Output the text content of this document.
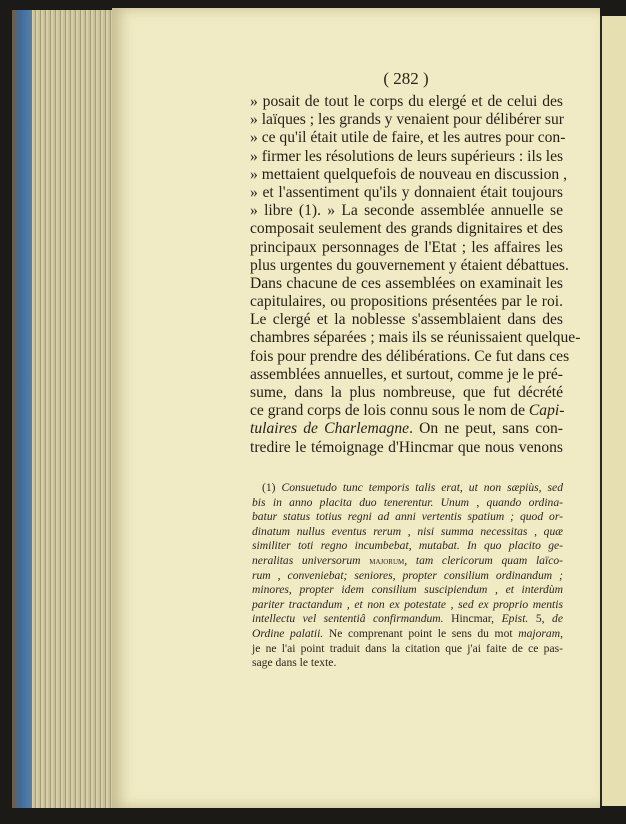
( 282 )
» posait de tout le corps du elergé et de celui des
» laïques ; les grands y venaient pour délibérer sur
» ce qu'il était utile de faire, et les autres pour con-
» firmer les résolutions de leurs supérieurs : ils les
» mettaient quelquefois de nouveau en discussion ,
» et l'assentiment qu'ils y donnaient était toujours
» libre (1). » La seconde assemblée annuelle se
composait seulement des grands dignitaires et des
principaux personnages de l'Etat ; les affaires les
plus urgentes du gouvernement y étaient débattues.
Dans chacune de ces assemblées on examinait les
capitulaires, ou propositions présentées par le roi.
Le clergé et la noblesse s'assemblaient dans des
chambres séparées ; mais ils se réunissaient quelque-
fois pour prendre des délibérations. Ce fut dans ces
assemblées annuelles, et surtout, comme je le pré-
sume, dans la plus nombreuse, que fut décrété
ce grand corps de lois connu sous le nom de Capi-
tulaires de Charlemagne. On ne peut, sans con-
tredire le témoignage d'Hincmar que nous venons
(1) Consuetudo tunc temporis talis erat, ut non sæpiùs, sed
bis in anno placita duo tenerentur. Unum , quando ordina-
batur status totius regni ad anni vertentis spatium ; quod or-
dinatum nullus eventus rerum , nisi summa necessitas , quæ
similiter toti regno incumbebat, mutabat. In quo placito ge-
neralitas universorum majorum, tam clericorum quam laïco-
rum , conveniebat; seniores, propter consilium ordinandum ;
minores, propter idem consilium suscipiendum , et interdùm
pariter tractandum , et non ex potestate , sed ex proprio mentis
intellectu vel sententiâ confirmandum. Hincmar, Epist. 5, de
Ordine palatii. Ne comprenant point le sens du mot majoram,
je ne l'ai point traduit dans la citation que j'ai faite de ce pas-
sage dans le texte.
